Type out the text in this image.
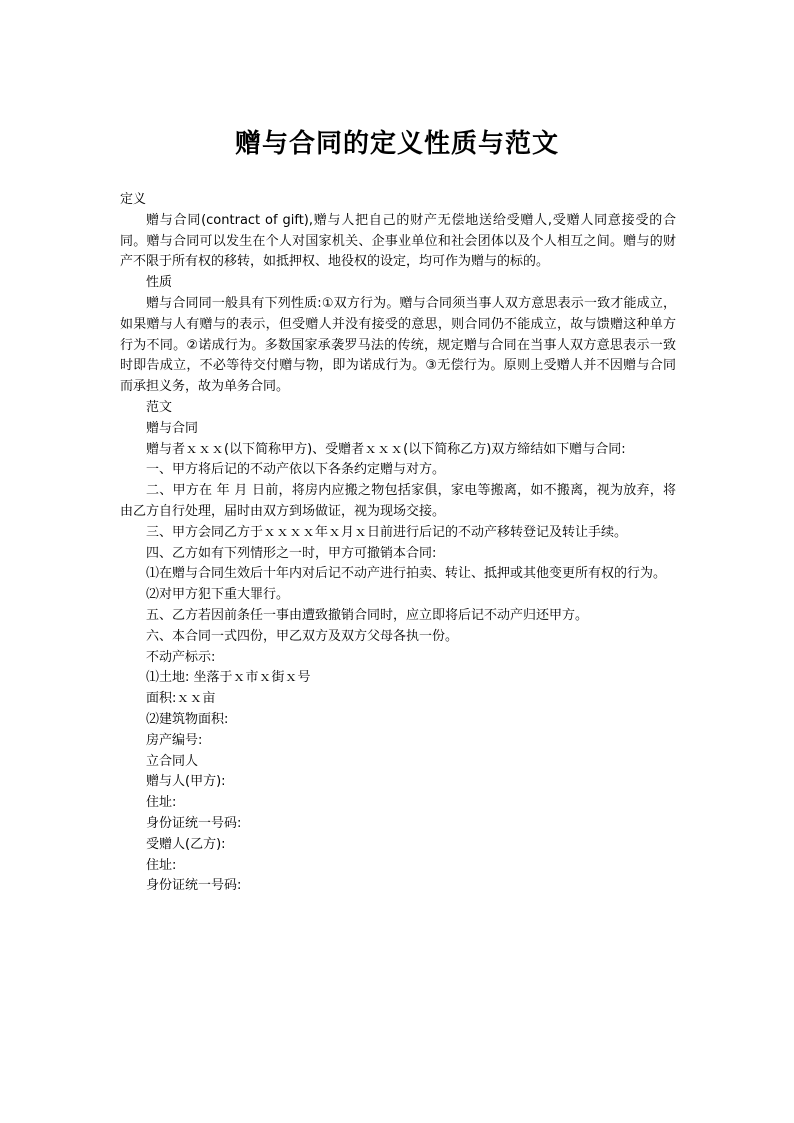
赠与合同的定义性质与范文
定义
赠与合同(contract of gift),赠与人把自己的财产无偿地送给受赠人,受赠人同意接受的合同。赠与合同可以发生在个人对国家机关、企事业单位和社会团体以及个人相互之间。赠与的财产不限于所有权的移转，如抵押权、地役权的设定，均可作为赠与的标的。
性质
赠与合同同一般具有下列性质:①双方行为。赠与合同须当事人双方意思表示一致才能成立，如果赠与人有赠与的表示，但受赠人并没有接受的意思，则合同仍不能成立，故与馈赠这种单方行为不同。②诺成行为。多数国家承袭罗马法的传统，规定赠与合同在当事人双方意思表示一致时即告成立，不必等待交付赠与物，即为诺成行为。③无偿行为。原则上受赠人并不因赠与合同而承担义务，故为单务合同。
范文
赠与合同
赠与者ｘｘｘ(以下简称甲方)、受赠者ｘｘｘ(以下简称乙方)双方缔结如下赠与合同:
一、甲方将后记的不动产依以下各条约定赠与对方。
二、甲方在 年 月 日前，将房内应搬之物包括家俱，家电等搬离，如不搬离，视为放弃，将由乙方自行处理，届时由双方到场做证，视为现场交接。
三、甲方会同乙方于ｘｘｘｘ年ｘ月ｘ日前进行后记的不动产移转登记及转让手续。
四、乙方如有下列情形之一时，甲方可撤销本合同:
⑴在赠与合同生效后十年内对后记不动产进行拍卖、转让、抵押或其他变更所有权的行为。
⑵对甲方犯下重大罪行。
五、乙方若因前条任一事由遭致撤销合同时，应立即将后记不动产归还甲方。
六、本合同一式四份，甲乙双方及双方父母各执一份。
不动产标示:
⑴土地: 坐落于ｘ市ｘ街ｘ号
面积:ｘｘ亩
⑵建筑物面积:
房产编号:
立合同人
赠与人(甲方):
住址:
身份证统一号码:
受赠人(乙方):
住址:
身份证统一号码:
